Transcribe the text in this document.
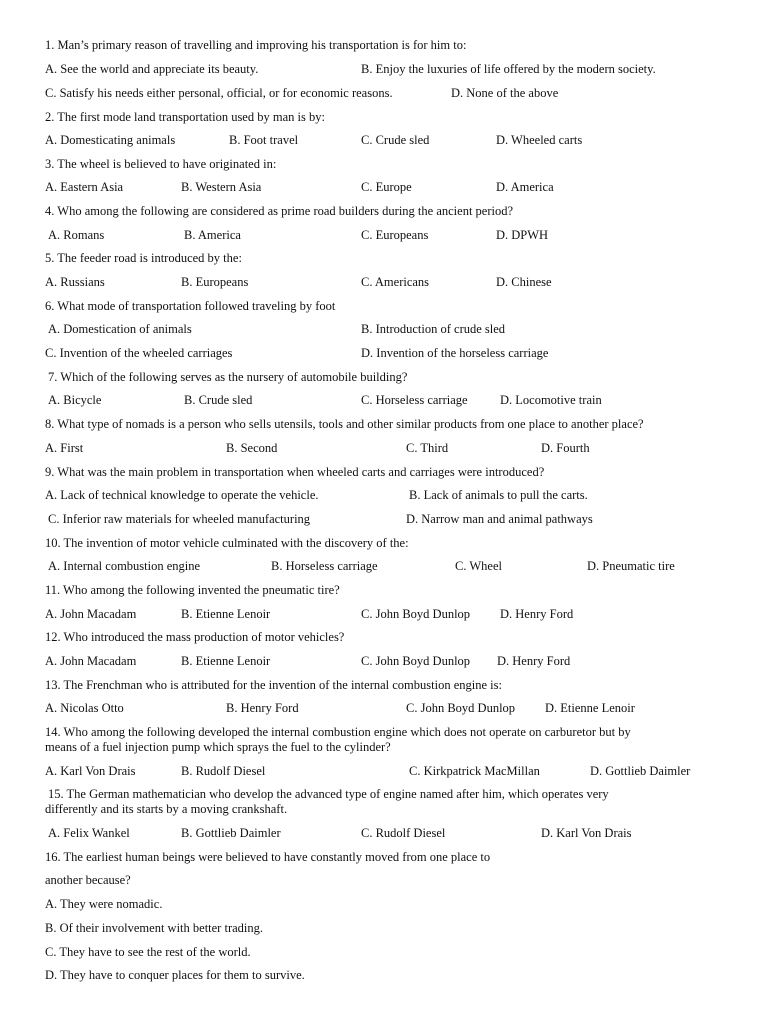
1. Man’s primary reason of travelling and improving his transportation is for him to:
A. See the world and appreciate its beauty.	B. Enjoy the luxuries of life offered by the modern society.
C. Satisfy his needs either personal, official, or for economic reasons.	D. None of the above
2. The first mode land transportation used by man is by:
A. Domesticating animals	B. Foot travel	C. Crude sled	D. Wheeled carts
3. The wheel is believed to have originated in:
A. Eastern Asia	B. Western Asia	C. Europe	D. America
4. Who among the following are considered as prime road builders during the ancient period?
A. Romans	B. America	C. Europeans	D. DPWH
5. The feeder road is introduced by the:
A. Russians	B. Europeans	C. Americans	D. Chinese
6. What mode of transportation followed traveling by foot
A. Domestication of animals	B. Introduction of crude sled
C. Invention of the wheeled carriages	D. Invention of the horseless carriage
7. Which of the following serves as the nursery of automobile building?
A. Bicycle	B. Crude sled	C. Horseless carriage	D. Locomotive train
8. What type of nomads is a person who sells utensils, tools and other similar products from one place to another place?
A. First	B. Second	C. Third	D. Fourth
9. What was the main problem in transportation when wheeled carts and carriages were introduced?
A. Lack of technical knowledge to operate the vehicle.	B. Lack of animals to pull the carts.
C. Inferior raw materials for wheeled manufacturing	D. Narrow man and animal pathways
10. The invention of motor vehicle culminated with the discovery of the:
A. Internal combustion engine	B. Horseless carriage	C. Wheel	D. Pneumatic tire
11. Who among the following invented the pneumatic tire?
A. John Macadam	B. Etienne Lenoir	C. John Boyd Dunlop D. Henry Ford
12. Who introduced the mass production of motor vehicles?
A. John Macadam	B. Etienne Lenoir	C. John Boyd Dunlop D. Henry Ford
13. The Frenchman who is attributed for the invention of the internal combustion engine is:
A. Nicolas Otto	B. Henry Ford	C. John Boyd Dunlop D. Etienne Lenoir
14. Who among the following developed the internal combustion engine which does not operate on carburetor but by
means of a fuel injection pump which sprays the fuel to the cylinder?
A. Karl Von Drais	B. Rudolf Diesel	C. Kirkpatrick MacMillan	D. Gottlieb Daimler
15. The German mathematician who develop the advanced type of engine named after him, which operates very
differently and its starts by a moving crankshaft.
A. Felix Wankel	B. Gottlieb Daimler	C. Rudolf Diesel	D. Karl Von Drais
16. The earliest human beings were believed to have constantly moved from one place to
another because?
A. They were nomadic.
B. Of their involvement with better trading.
C. They have to see the rest of the world.
D. They have to conquer places for them to survive.
